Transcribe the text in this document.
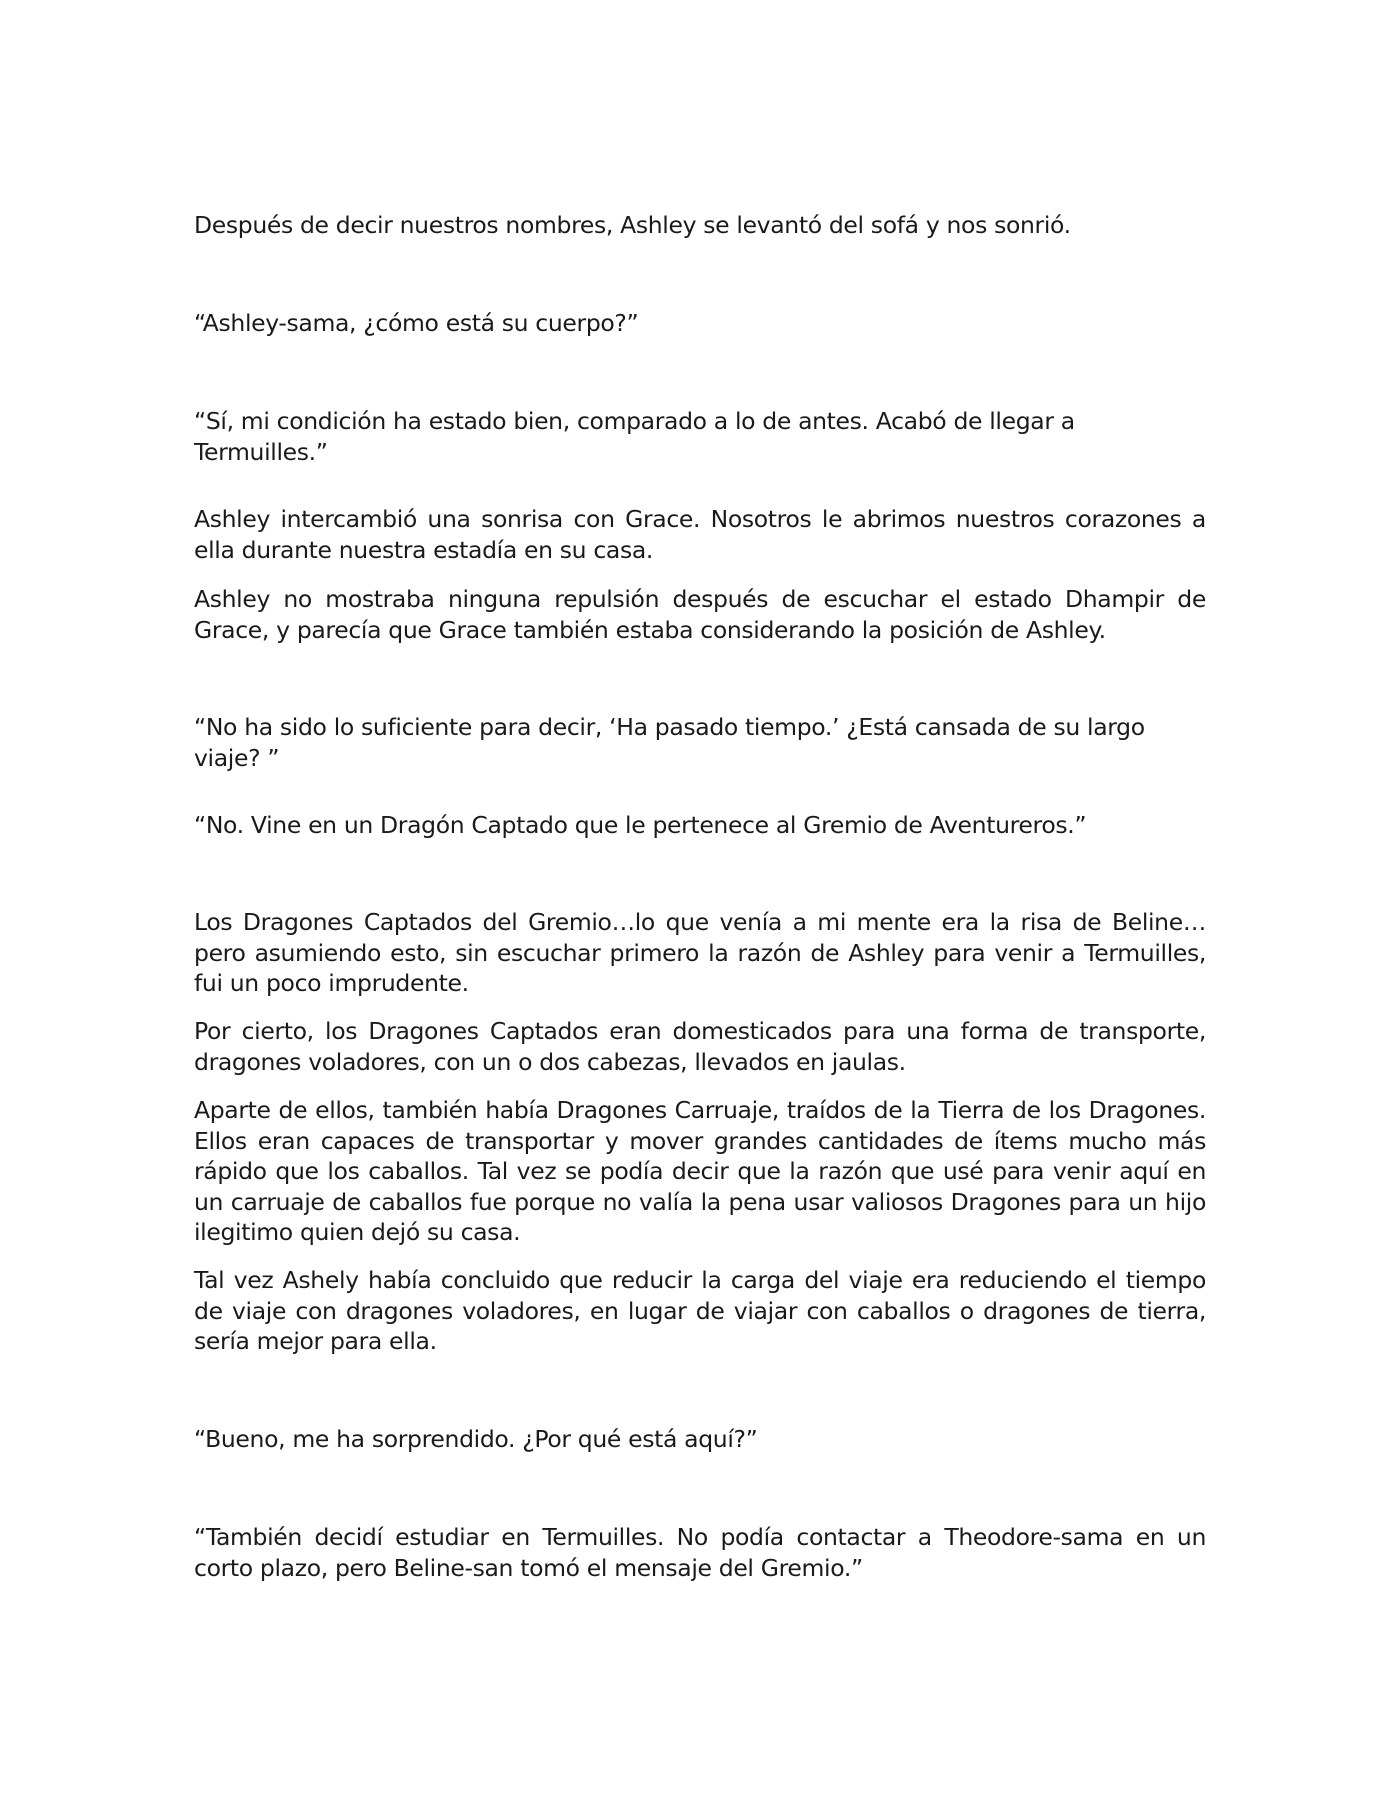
Después de decir nuestros nombres, Ashley se levantó del sofá y nos sonrió.

“Ashley-sama, ¿cómo está su cuerpo?”

“Sí, mi condición ha estado bien, comparado a lo de antes. Acabó de llegar a Termuilles.”

Ashley intercambió una sonrisa con Grace. Nosotros le abrimos nuestros corazones a ella durante nuestra estadía en su casa.

Ashley no mostraba ninguna repulsión después de escuchar el estado Dhampir de Grace, y parecía que Grace también estaba considerando la posición de Ashley.

“No ha sido lo suficiente para decir, ‘Ha pasado tiempo.’ ¿Está cansada de su largo viaje? ”

“No. Vine en un Dragón Captado que le pertenece al Gremio de Aventureros.”

Los Dragones Captados del Gremio…lo que venía a mi mente era la risa de Beline…pero asumiendo esto, sin escuchar primero la razón de Ashley para venir a Termuilles, fui un poco imprudente.

Por cierto, los Dragones Captados eran domesticados para una forma de transporte, dragones voladores, con un o dos cabezas, llevados en jaulas.

Aparte de ellos, también había Dragones Carruaje, traídos de la Tierra de los Dragones. Ellos eran capaces de transportar y mover grandes cantidades de ítems mucho más rápido que los caballos. Tal vez se podía decir que la razón que usé para venir aquí en un carruaje de caballos fue porque no valía la pena usar valiosos Dragones para un hijo ilegitimo quien dejó su casa.

Tal vez Ashely había concluido que reducir la carga del viaje era reduciendo el tiempo de viaje con dragones voladores, en lugar de viajar con caballos o dragones de tierra, sería mejor para ella.

“Bueno, me ha sorprendido. ¿Por qué está aquí?”

“También decidí estudiar en Termuilles. No podía contactar a Theodore-sama en un corto plazo, pero Beline-san tomó el mensaje del Gremio.”
